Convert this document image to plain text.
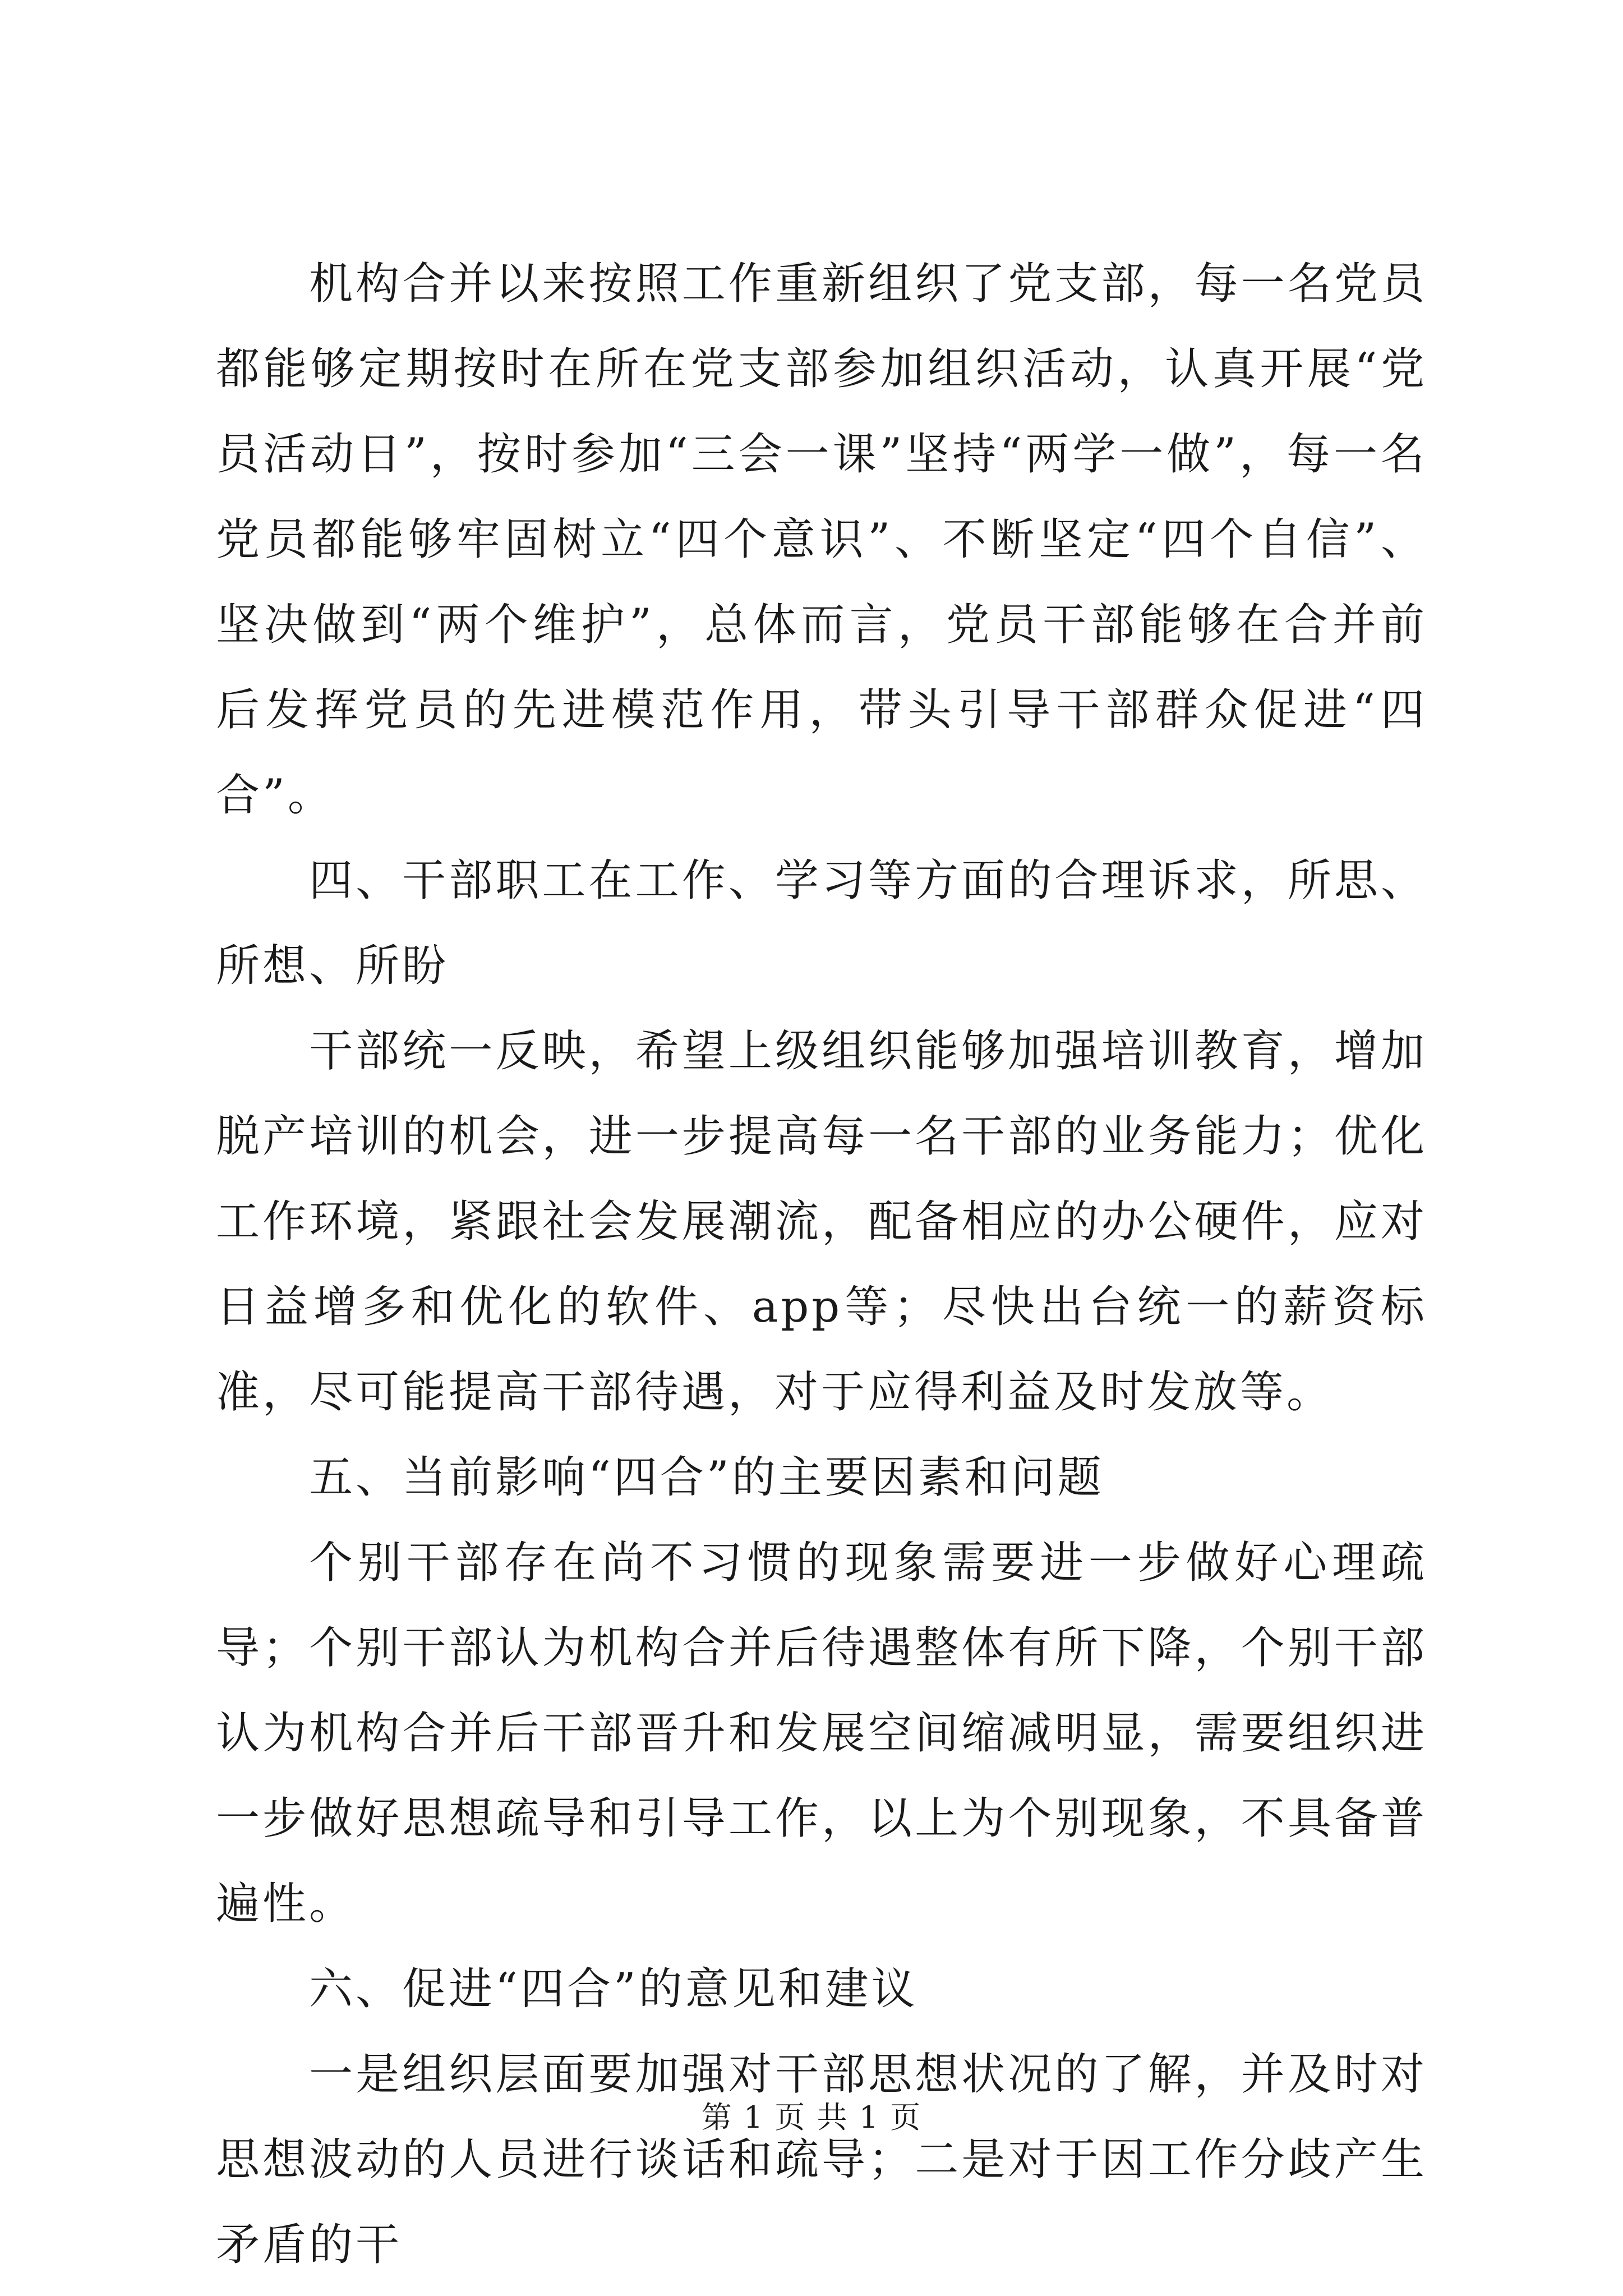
机构合并以来按照工作重新组织了党支部，每一名党员都能够定期按时在所在党支部参加组织活动，认真开展“党员活动日”，按时参加“三会一课”坚持“两学一做”，每一名党员都能够牢固树立“四个意识”、不断坚定“四个自信”、坚决做到“两个维护”，总体而言，党员干部能够在合并前后发挥党员的先进模范作用，带头引导干部群众促进“四合”。

四、干部职工在工作、学习等方面的合理诉求，所思、所想、所盼

干部统一反映，希望上级组织能够加强培训教育，增加脱产培训的机会，进一步提高每一名干部的业务能力；优化工作环境，紧跟社会发展潮流，配备相应的办公硬件，应对日益增多和优化的软件、app等；尽快出台统一的薪资标准，尽可能提高干部待遇，对于应得利益及时发放等。

五、当前影响“四合”的主要因素和问题

个别干部存在尚不习惯的现象需要进一步做好心理疏导；个别干部认为机构合并后待遇整体有所下降，个别干部认为机构合并后干部晋升和发展空间缩减明显，需要组织进一步做好思想疏导和引导工作，以上为个别现象，不具备普遍性。

六、促进“四合”的意见和建议

一是组织层面要加强对干部思想状况的了解，并及时对思想波动的人员进行谈话和疏导；二是对于因工作分歧产生矛盾的干

第 1 页 共 1 页
